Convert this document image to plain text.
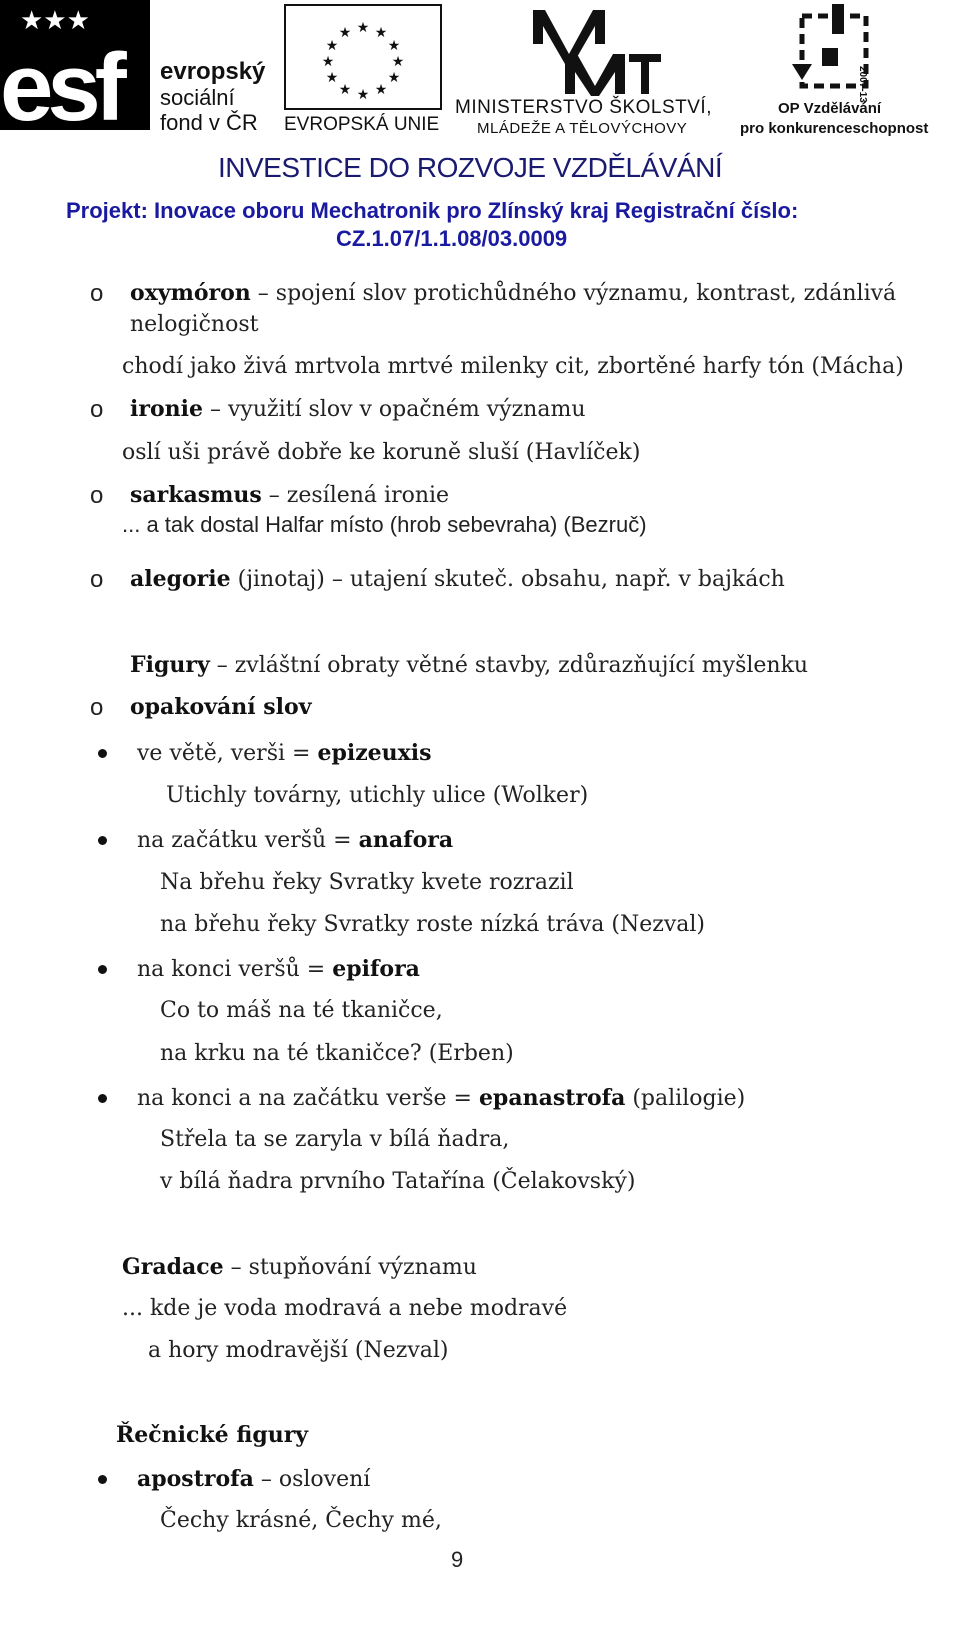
★★★
esf evropský
sociální
fond v ČR
★ ★
★
★
★
★
★
★
★
★
★
★
EVROPSKÁ UNIE
MINISTERSTVO ŠKOLSTVÍ,
MLÁDEŽE A TĚLOVÝCHOVY
2007-13
OP Vzdělávání
pro konkurenceschopnost
INVESTICE DO ROZVOJE VZDĚLÁVÁNÍ
Projekt: Inovace oboru Mechatronik pro Zlínský kraj Registrační číslo:
CZ.1.07/1.1.08/03.0009
o oxymóron – spojení slov protichůdného významu, kontrast, zdánlivá
nelogičnost
chodí jako živá mrtvola mrtvé milenky cit, zbortěné harfy tón (Mácha)
o ironie – využití slov v opačném významu
oslí uši právě dobře ke koruně sluší (Havlíček)
o sarkasmus – zesílená ironie
... a tak dostal Halfar místo (hrob sebevraha) (Bezruč)
o alegorie (jinotaj) – utajení skuteč. obsahu, např. v bajkách
Figury – zvláštní obraty větné stavby, zdůrazňující myšlenku
o opakování slov
ve větě, verši = epizeuxis
Utichly továrny, utichly ulice (Wolker)
na začátku veršů = anafora
Na břehu řeky Svratky kvete rozrazil
na břehu řeky Svratky roste nízká tráva (Nezval)
na konci veršů = epifora
Co to máš na té tkaničce,
na krku na té tkaničce? (Erben)
na konci a na začátku verše = epanastrofa (palilogie)
Střela ta se zaryla v bílá ňadra,
v bílá ňadra prvního Tatařína (Čelakovský)
Gradace – stupňování významu
... kde je voda modravá a nebe modravé
a hory modravější (Nezval)
Řečnické figury
apostrofa – oslovení
Čechy krásné, Čechy mé,
9
